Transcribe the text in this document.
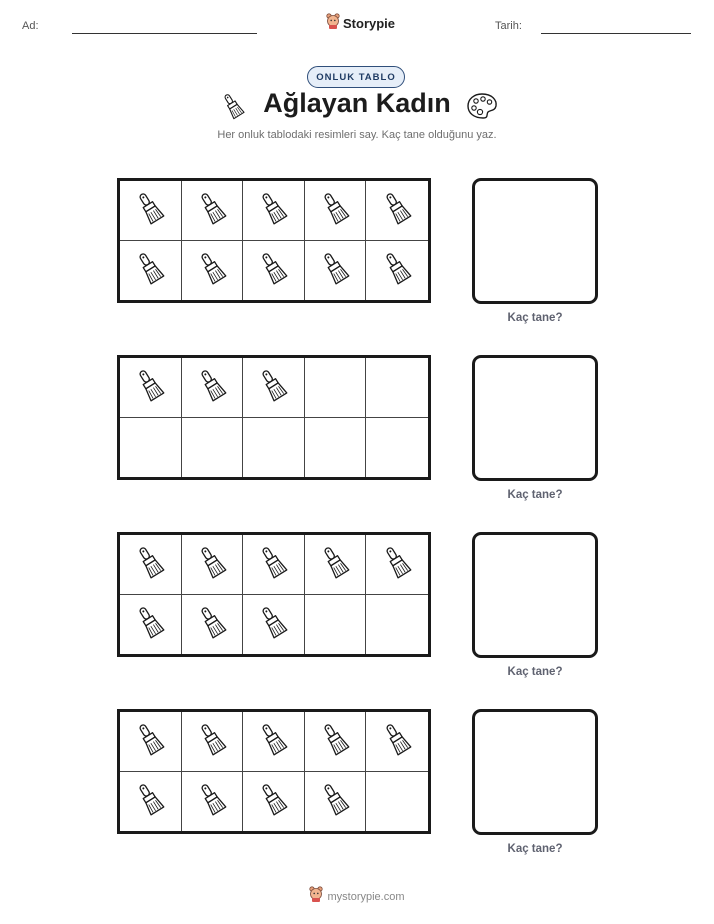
Ad:	Storypie	Tarih:
ONLUK TABLO
Ağlayan Kadın
Her onluk tablodaki resimleri say. Kaç tane olduğunu yaz.
Kaç tane?
Kaç tane?
Kaç tane?
Kaç tane?
mystorypie.com
